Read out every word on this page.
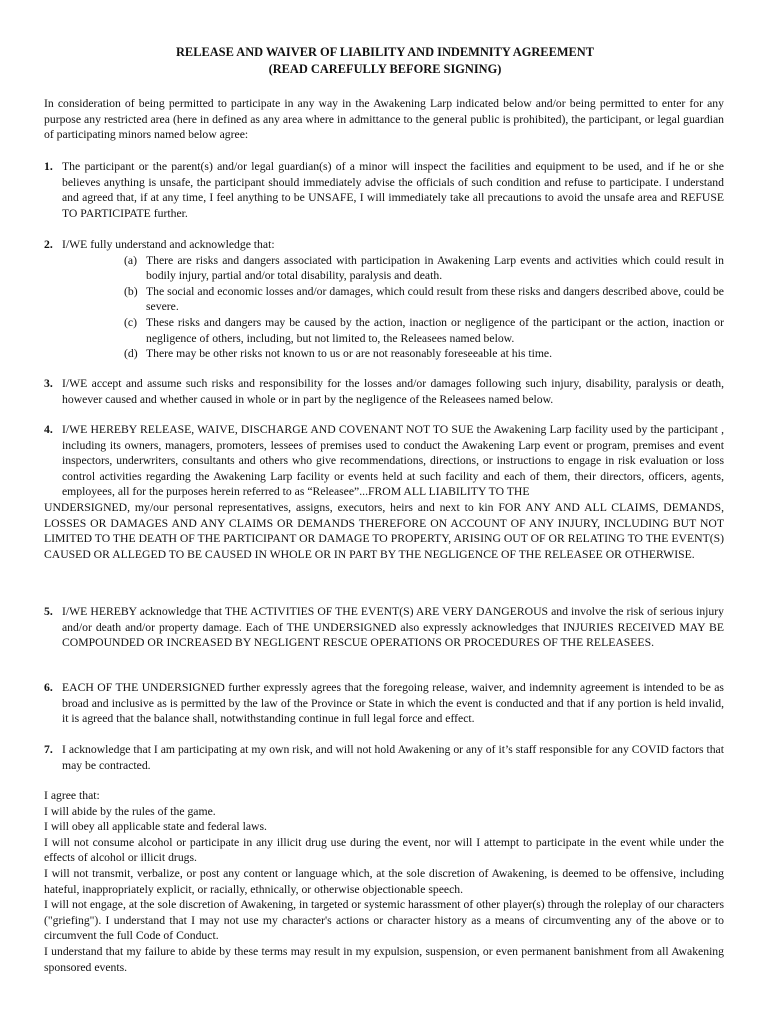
RELEASE AND WAIVER OF LIABILITY AND INDEMNITY AGREEMENT
(READ CAREFULLY BEFORE SIGNING)
In consideration of being permitted to participate in any way in the Awakening Larp indicated below and/or being permitted to enter for any purpose any restricted area (here in defined as any area where in admittance to the general public is prohibited), the participant, or legal guardian of participating minors named below agree:
1. The participant or the parent(s) and/or legal guardian(s) of a minor will inspect the facilities and equipment to be used, and if he or she believes anything is unsafe, the participant should immediately advise the officials of such condition and refuse to participate. I understand and agreed that, if at any time, I feel anything to be UNSAFE, I will immediately take all precautions to avoid the unsafe area and REFUSE TO PARTICIPATE further.
2. I/WE fully understand and acknowledge that:
(a) There are risks and dangers associated with participation in Awakening Larp events and activities which could result in bodily injury, partial and/or total disability, paralysis and death.
(b) The social and economic losses and/or damages, which could result from these risks and dangers described above, could be severe.
(c) These risks and dangers may be caused by the action, inaction or negligence of the participant or the action, inaction or negligence of others, including, but not limited to, the Releasees named below.
(d) There may be other risks not known to us or are not reasonably foreseeable at his time.
3. I/WE accept and assume such risks and responsibility for the losses and/or damages following such injury, disability, paralysis or death, however caused and whether caused in whole or in part by the negligence of the Releasees named below.
4. I/WE HEREBY RELEASE, WAIVE, DISCHARGE AND COVENANT NOT TO SUE the Awakening Larp facility used by the participant , including its owners, managers, promoters, lessees of premises used to conduct the Awakening Larp event or program, premises and event inspectors, underwriters, consultants and others who give recommendations, directions, or instructions to engage in risk evaluation or loss control activities regarding the Awakening Larp facility or events held at such facility and each of them, their directors, officers, agents, employees, all for the purposes herein referred to as “Releasee”...FROM ALL LIABILITY TO THE
UNDERSIGNED, my/our personal representatives, assigns, executors, heirs and next to kin FOR ANY AND ALL CLAIMS, DEMANDS, LOSSES OR DAMAGES AND ANY CLAIMS OR DEMANDS THEREFORE ON ACCOUNT OF ANY INJURY, INCLUDING BUT NOT LIMITED TO THE DEATH OF THE PARTICIPANT OR DAMAGE TO PROPERTY, ARISING OUT OF OR RELATING TO THE EVENT(S) CAUSED OR ALLEGED TO BE CAUSED IN WHOLE OR IN PART BY THE NEGLIGENCE OF THE RELEASEE OR OTHERWISE.
5. I/WE HEREBY acknowledge that THE ACTIVITIES OF THE EVENT(S) ARE VERY DANGEROUS and involve the risk of serious injury and/or death and/or property damage. Each of THE UNDERSIGNED also expressly acknowledges that INJURIES RECEIVED MAY BE COMPOUNDED OR INCREASED BY NEGLIGENT RESCUE OPERATIONS OR PROCEDURES OF THE RELEASEES.
6. EACH OF THE UNDERSIGNED further expressly agrees that the foregoing release, waiver, and indemnity agreement is intended to be as broad and inclusive as is permitted by the law of the Province or State in which the event is conducted and that if any portion is held invalid, it is agreed that the balance shall, notwithstanding continue in full legal force and effect.
7. I acknowledge that I am participating at my own risk, and will not hold Awakening or any of it’s staff responsible for any COVID factors that may be contracted.
I agree that:
I will abide by the rules of the game.
I will obey all applicable state and federal laws.
I will not consume alcohol or participate in any illicit drug use during the event, nor will I attempt to participate in the event while under the effects of alcohol or illicit drugs.
I will not transmit, verbalize, or post any content or language which, at the sole discretion of Awakening, is deemed to be offensive, including hateful, inappropriately explicit, or racially, ethnically, or otherwise objectionable speech.
I will not engage, at the sole discretion of Awakening, in targeted or systemic harassment of other player(s) through the roleplay of our characters ("griefing"). I understand that I may not use my character's actions or character history as a means of circumventing any of the above or to circumvent the full Code of Conduct.
I understand that my failure to abide by these terms may result in my expulsion, suspension, or even permanent banishment from all Awakening sponsored events.
